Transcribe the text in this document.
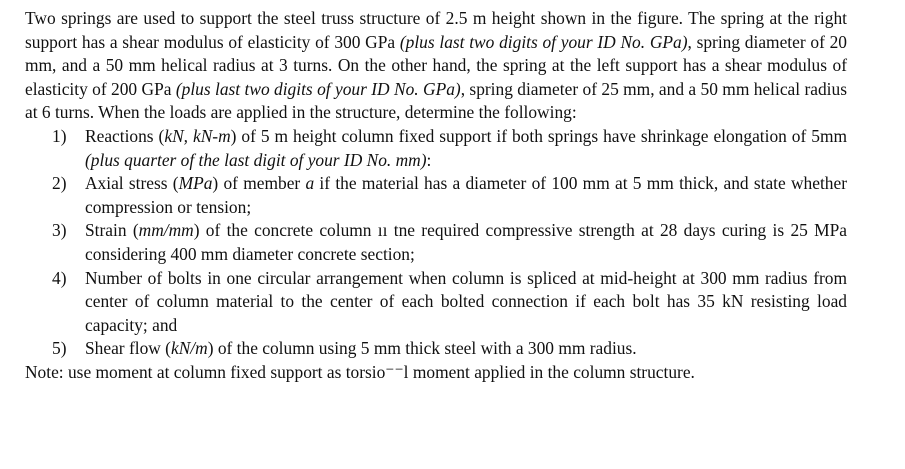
Two springs are used to support the steel truss structure of 2.5 m height shown in the figure. The spring at the right support has a shear modulus of elasticity of 300 GPa (plus last two digits of your ID No. GPa), spring diameter of 20 mm, and a 50 mm helical radius at 3 turns. On the other hand, the spring at the left support has a shear modulus of elasticity of 200 GPa (plus last two digits of your ID No. GPa), spring diameter of 25 mm, and a 50 mm helical radius at 6 turns. When the loads are applied in the structure, determine the following:

1) Reactions (kN, kN-m) of 5 m height column fixed support if both springs have shrinkage elongation of 5mm (plus quarter of the last digit of your ID No. mm):
2) Axial stress (MPa) of member a if the material has a diameter of 100 mm at 5 mm thick, and state whether compression or tension;
3) Strain (mm/mm) of the concrete column ıı tne required compressive strength at 28 days curing is 25 MPa considering 400 mm diameter concrete section;
4) Number of bolts in one circular arrangement when column is spliced at mid-height at 300 mm radius from center of column material to the center of each bolted connection if each bolt has 35 kN resisting load capacity; and
5) Shear flow (kN/m) of the column using 5 mm thick steel with a 300 mm radius.

Note: use moment at column fixed support as torsio⁻⁻l moment applied in the column structure.
